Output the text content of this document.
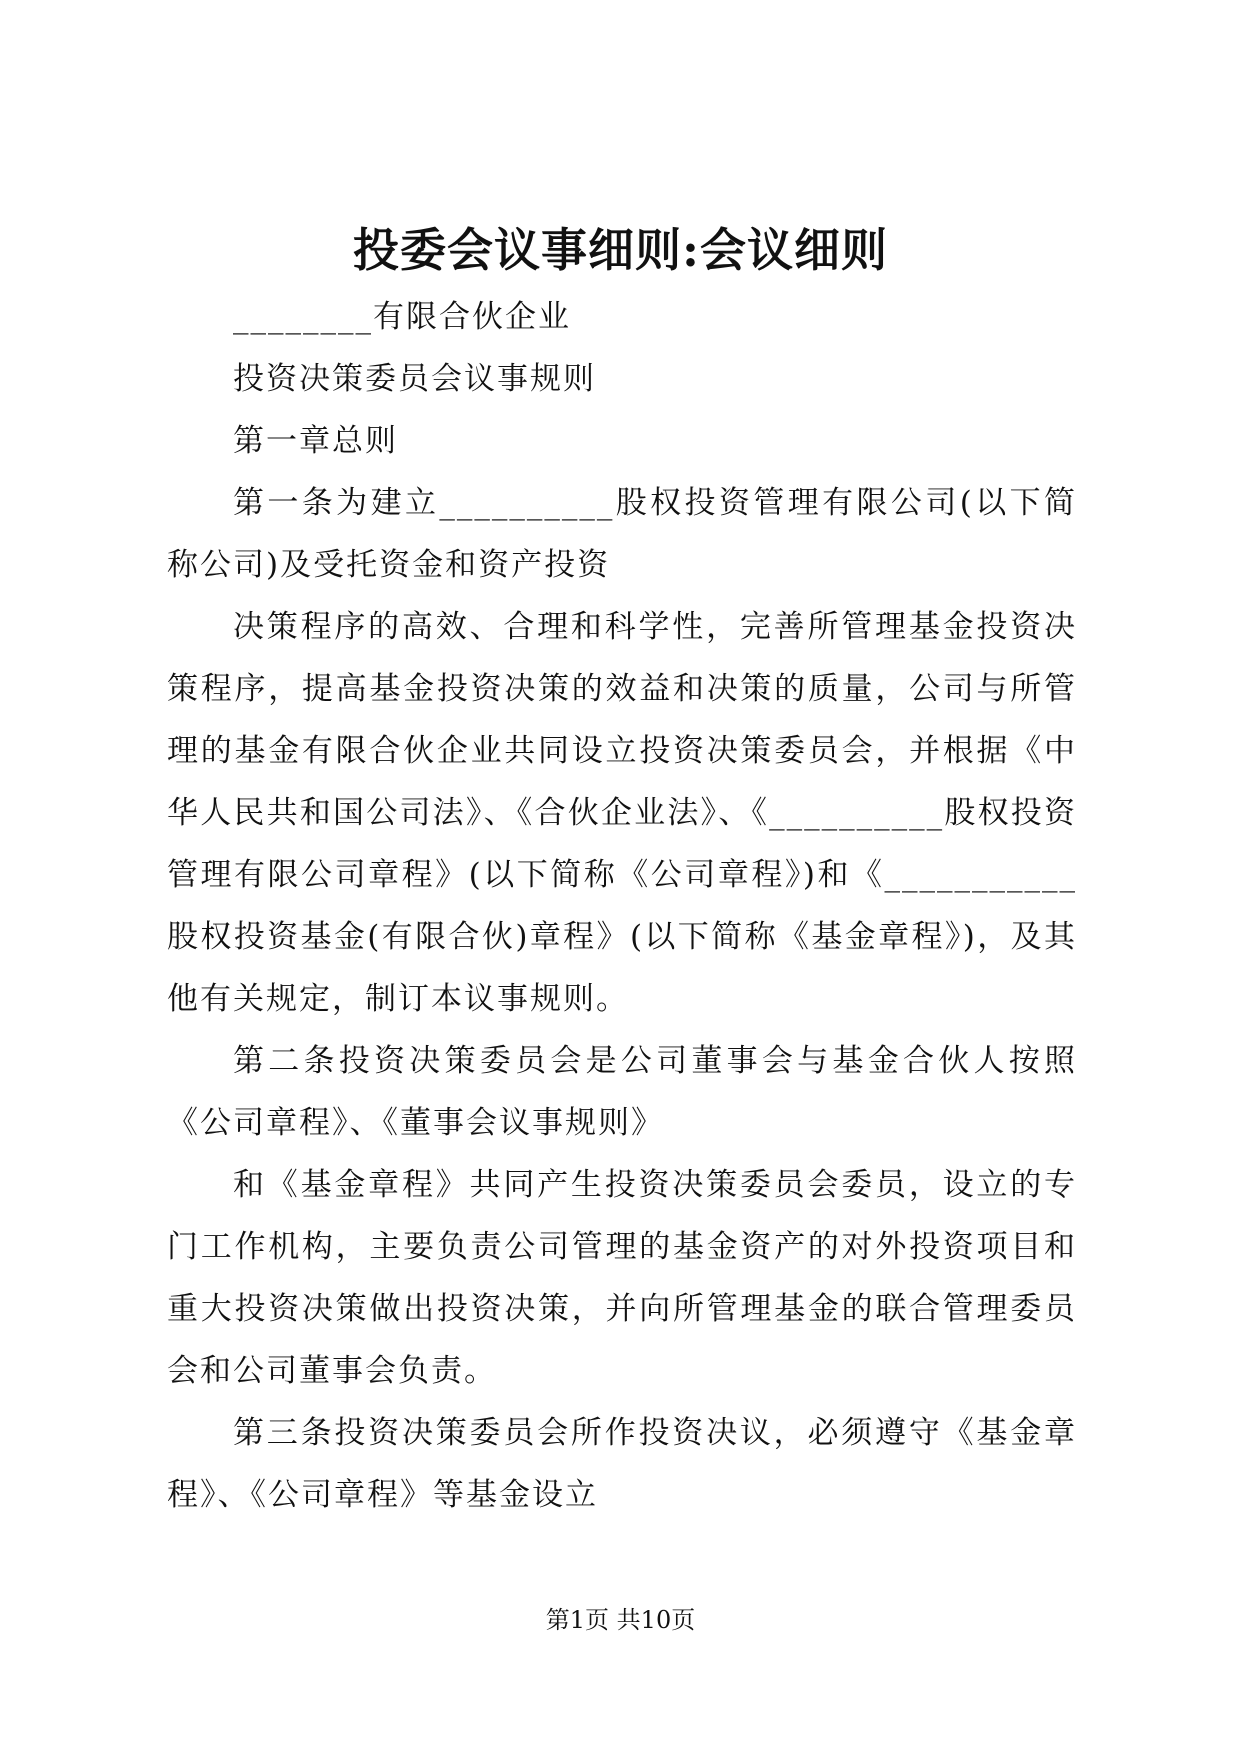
投委会议事细则:会议细则

________有限合伙企业

投资决策委员会议事规则

第一章总则

第一条为建立__________股权投资管理有限公司(以下简称公司)及受托资金和资产投资

决策程序的高效、合理和科学性，完善所管理基金投资决策程序，提高基金投资决策的效益和决策的质量，公司与所管理的基金有限合伙企业共同设立投资决策委员会，并根据《中华人民共和国公司法》、《合伙企业法》、《__________股权投资管理有限公司章程》(以下简称《公司章程》)和《___________股权投资基金(有限合伙)章程》(以下简称《基金章程》)，及其他有关规定，制订本议事规则。

第二条投资决策委员会是公司董事会与基金合伙人按照《公司章程》、《董事会议事规则》

和《基金章程》共同产生投资决策委员会委员，设立的专门工作机构，主要负责公司管理的基金资产的对外投资项目和重大投资决策做出投资决策，并向所管理基金的联合管理委员会和公司董事会负责。

第三条投资决策委员会所作投资决议，必须遵守《基金章程》、《公司章程》等基金设立

第1页 共10页
